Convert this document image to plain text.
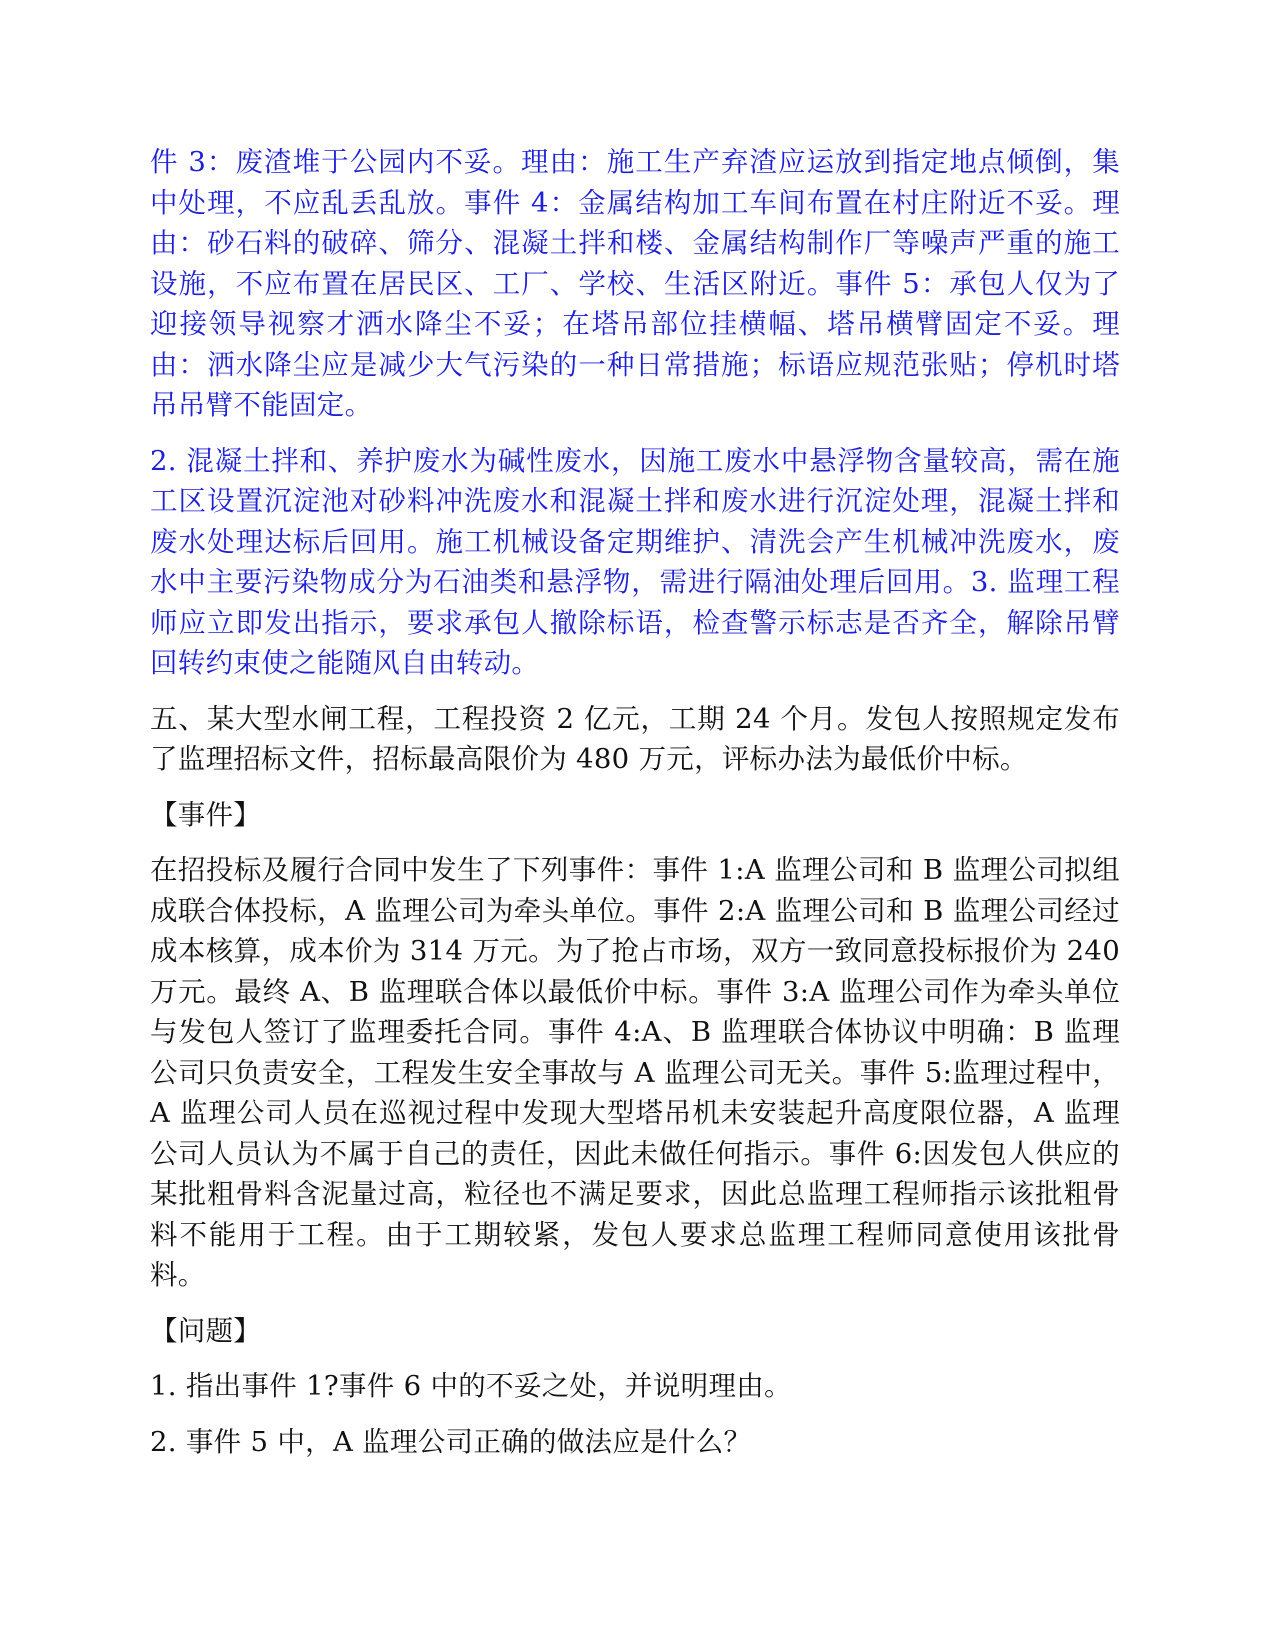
件 3：废渣堆于公园内不妥。理由：施工生产弃渣应运放到指定地点倾倒，集中处理，不应乱丢乱放。事件 4：金属结构加工车间布置在村庄附近不妥。理由：砂石料的破碎、筛分、混凝土拌和楼、金属结构制作厂等噪声严重的施工设施，不应布置在居民区、工厂、学校、生活区附近。事件 5：承包人仅为了迎接领导视察才洒水降尘不妥；在塔吊部位挂横幅、塔吊横臂固定不妥。理由：洒水降尘应是减少大气污染的一种日常措施；标语应规范张贴；停机时塔吊吊臂不能固定。

2. 混凝土拌和、养护废水为碱性废水，因施工废水中悬浮物含量较高，需在施工区设置沉淀池对砂料冲洗废水和混凝土拌和废水进行沉淀处理，混凝土拌和废水处理达标后回用。施工机械设备定期维护、清洗会产生机械冲洗废水，废水中主要污染物成分为石油类和悬浮物，需进行隔油处理后回用。3. 监理工程师应立即发出指示，要求承包人撤除标语，检查警示标志是否齐全，解除吊臂回转约束使之能随风自由转动。

五、某大型水闸工程，工程投资 2 亿元，工期 24 个月。发包人按照规定发布了监理招标文件，招标最高限价为 480 万元，评标办法为最低价中标。

【事件】

在招投标及履行合同中发生了下列事件：事件 1:A 监理公司和 B 监理公司拟组成联合体投标，A 监理公司为牵头单位。事件 2:A 监理公司和 B 监理公司经过成本核算，成本价为 314 万元。为了抢占市场，双方一致同意投标报价为 240 万元。最终 A、B 监理联合体以最低价中标。事件 3:A 监理公司作为牵头单位与发包人签订了监理委托合同。事件 4:A、B 监理联合体协议中明确：B 监理公司只负责安全，工程发生安全事故与 A 监理公司无关。事件 5:监理过程中，A 监理公司人员在巡视过程中发现大型塔吊机未安装起升高度限位器，A 监理公司人员认为不属于自己的责任，因此未做任何指示。事件 6:因发包人供应的某批粗骨料含泥量过高，粒径也不满足要求，因此总监理工程师指示该批粗骨料不能用于工程。由于工期较紧，发包人要求总监理工程师同意使用该批骨料。

【问题】

1. 指出事件 1?事件 6 中的不妥之处，并说明理由。

2. 事件 5 中，A 监理公司正确的做法应是什么？
